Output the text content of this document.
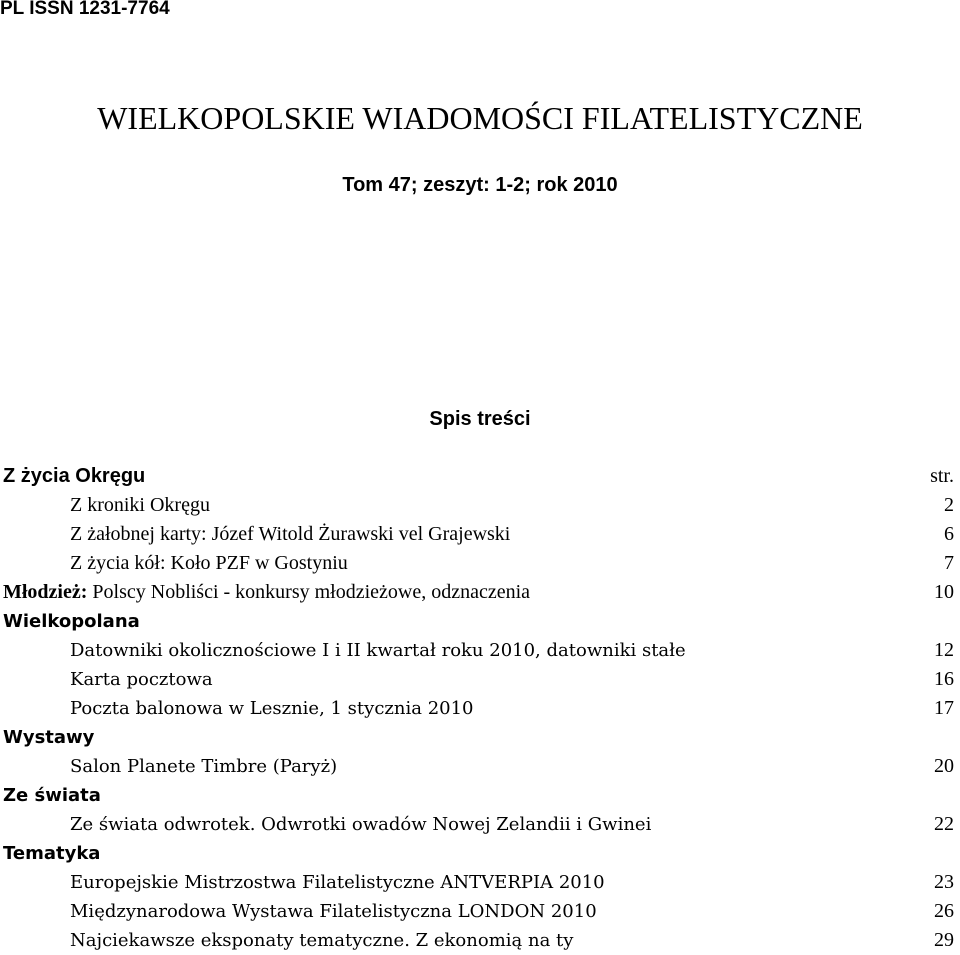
PL ISSN 1231-7764
WIELKOPOLSKIE WIADOMOŚCI FILATELISTYCZNE
Tom 47; zeszyt: 1-2; rok 2010
Spis treści
Z życia Okręgu	str.
Z kroniki Okręgu	2
Z żałobnej karty: Józef Witold Żurawski vel Grajewski	6
Z życia kół: Koło PZF w Gostyniu	7
Młodzież: Polscy Nobliści - konkursy młodzieżowe, odznaczenia	10
Wielkopolana
Datowniki okolicznościowe I i II kwartał roku 2010, datowniki stałe	12
Karta pocztowa	16
Poczta balonowa w Lesznie, 1 stycznia 2010	17
Wystawy
Salon Planete Timbre (Paryż)	20
Ze świata
Ze świata odwrotek. Odwrotki owadów Nowej Zelandii i Gwinei	22
Tematyka
Europejskie Mistrzostwa Filatelistyczne ANTVERPIA 2010	23
Międzynarodowa Wystawa Filatelistyczna LONDON 2010	26
Najciekawsze eksponaty tematyczne. Z ekonomią na ty	29
